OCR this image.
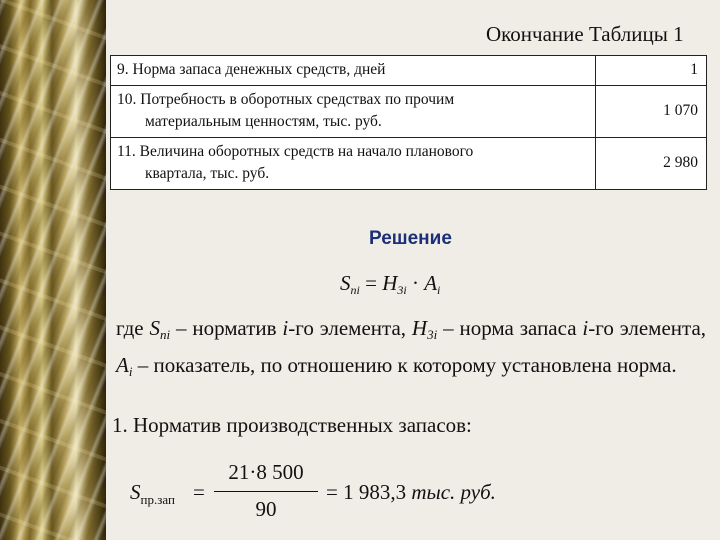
Окончание Таблицы 1
9. Норма запаса денежных средств, дней	1

10. Потребность в оборотных средствах по прочим
материальным ценностям, тыс. руб.	1 070

11. Величина оборотных средств на начало планового
квартала, тыс. руб.	2 980
Решение
$S_{ni} = H_{3i} \cdot A_i$
где $S_{ni}$ – норматив i-го элемента, $H_{3i}$ – норма запаса i-го элемента, $A_i$ – показатель, по отношению к которому установлена норма.
1. Норматив производственных запасов:
$S_{пр.зап}$ =
21·8 500
90
= 1 983,3 тыс. руб.
